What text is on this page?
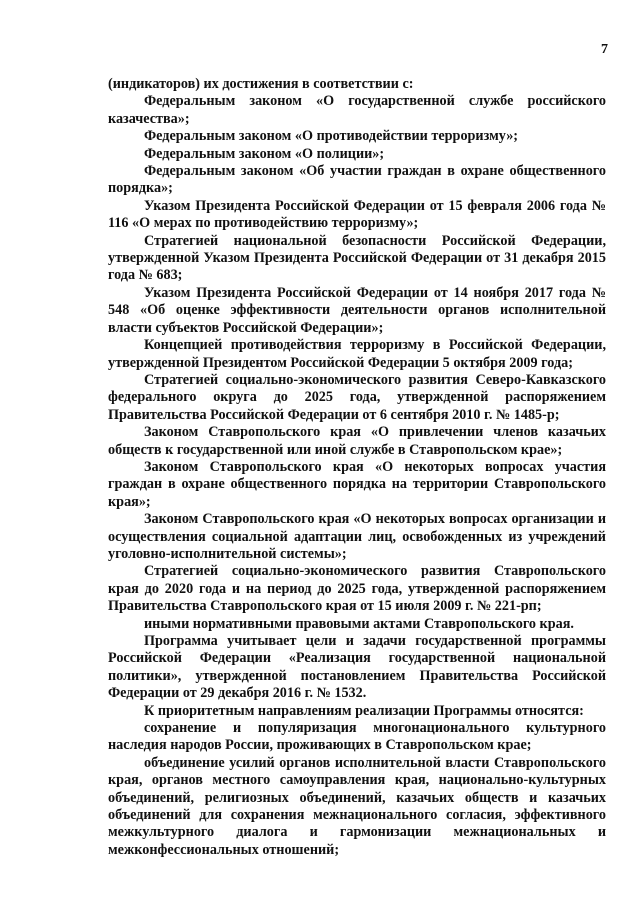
7

(индикаторов) их достижения в соответствии с:

Федеральным законом «О государственной службе российского казачества»;

Федеральным законом «О противодействии терроризму»;

Федеральным законом «О полиции»;

Федеральным законом «Об участии граждан в охране общественного порядка»;

Указом Президента Российской Федерации от 15 февраля 2006 года № 116 «О мерах по противодействию терроризму»;

Стратегией национальной безопасности Российской Федерации, утвержденной Указом Президента Российской Федерации от 31 декабря 2015 года № 683;

Указом Президента Российской Федерации от 14 ноября 2017 года № 548 «Об оценке эффективности деятельности органов исполнительной власти субъектов Российской Федерации»;

Концепцией противодействия терроризму в Российской Федерации, утвержденной Президентом Российской Федерации 5 октября 2009 года;

Стратегией социально-экономического развития Северо-Кавказского федерального округа до 2025 года, утвержденной распоряжением Правительства Российской Федерации от 6 сентября 2010 г. № 1485-р;

Законом Ставропольского края «О привлечении членов казачьих обществ к государственной или иной службе в Ставропольском крае»;

Законом Ставропольского края «О некоторых вопросах участия граждан в охране общественного порядка на территории Ставропольского края»;

Законом Ставропольского края «О некоторых вопросах организации и осуществления социальной адаптации лиц, освобожденных из учреждений уголовно-исполнительной системы»;

Стратегией социально-экономического развития Ставропольского края до 2020 года и на период до 2025 года, утвержденной распоряжением Правительства Ставропольского края от 15 июля 2009 г. № 221-рп;

иными нормативными правовыми актами Ставропольского края.

Программа учитывает цели и задачи государственной программы Российской Федерации «Реализация государственной национальной политики», утвержденной постановлением Правительства Российской Федерации от 29 декабря 2016 г. № 1532.

К приоритетным направлениям реализации Программы относятся:

сохранение и популяризация многонационального культурного наследия народов России, проживающих в Ставропольском крае;

объединение усилий органов исполнительной власти Ставропольского края, органов местного самоуправления края, национально-культурных объединений, религиозных объединений, казачьих обществ и казачьих объединений для сохранения межнационального согласия, эффективного межкультурного диалога и гармонизации межнациональных и межконфессиональных отношений;
